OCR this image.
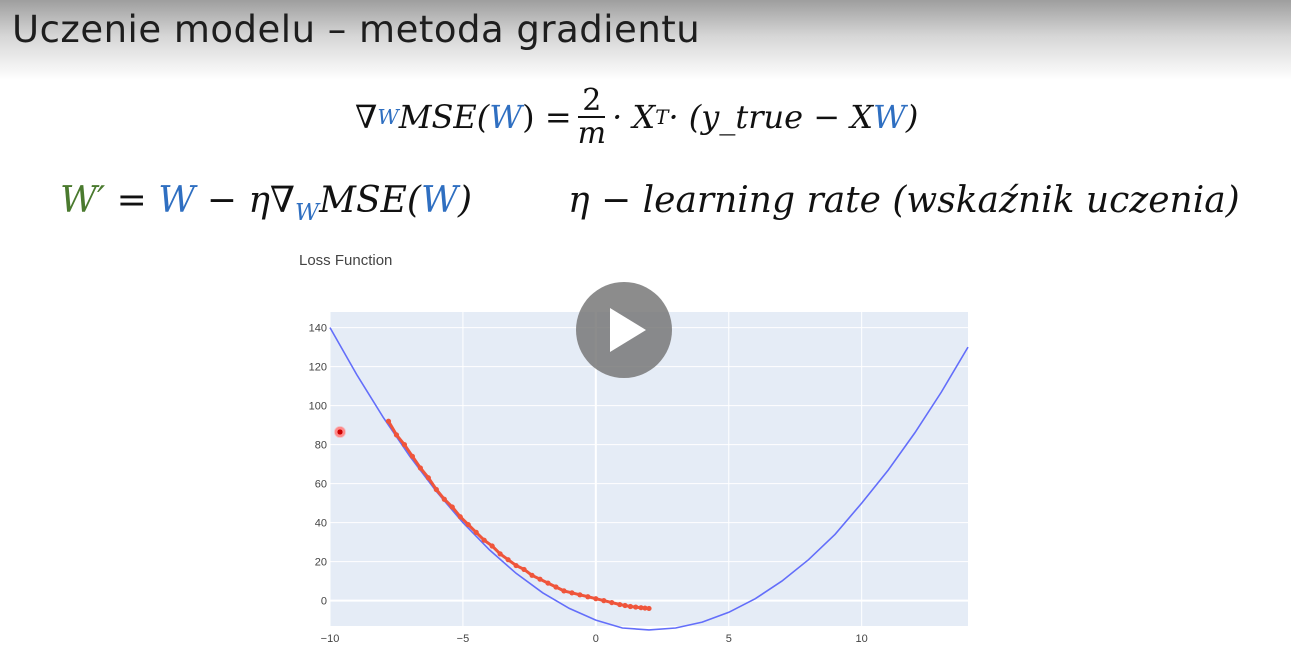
Uczenie modelu – metoda gradientu
∇ W MSE( W ) = $\frac{2}{m} \cdot X$ T · (y_true − X W )
$W' = W - \eta\nabla_WMSE(W)$	η − learning rate (wskaźnik uczenia)
Loss Function
0
20
40
60
80
100
120
140
−10	−5	0	5	10
